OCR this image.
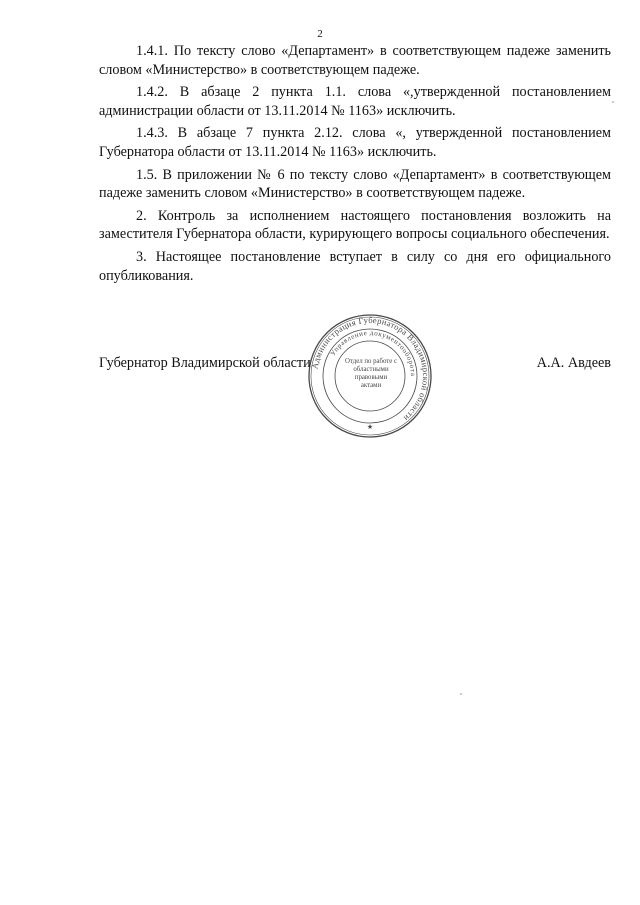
2

1.4.1. По тексту слово «Департамент» в соответствующем падеже заменить словом «Министерство» в соответствующем падеже.

1.4.2. В абзаце 2 пункта 1.1. слова «,утвержденной постановлением администрации области от 13.11.2014 № 1163» исключить.

1.4.3. В абзаце 7 пункта 2.12. слова «, утвержденной постановлением Губернатора области от 13.11.2014 № 1163» исключить.

1.5. В приложении № 6 по тексту слово «Департамент» в соответствующем падеже заменить словом «Министерство» в соответствующем падеже.

2. Контроль за исполнением настоящего постановления возложить на заместителя Губернатора области, курирующего вопросы социального обеспечения.

3. Настоящее постановление вступает в силу со дня его официального опубликования.

Губернатор Владимирской области	А.А. Авдеев
Администрация Губернатора Владимирской области
Управление документооборота
★
Отдел по работе с областными правовыми актами
